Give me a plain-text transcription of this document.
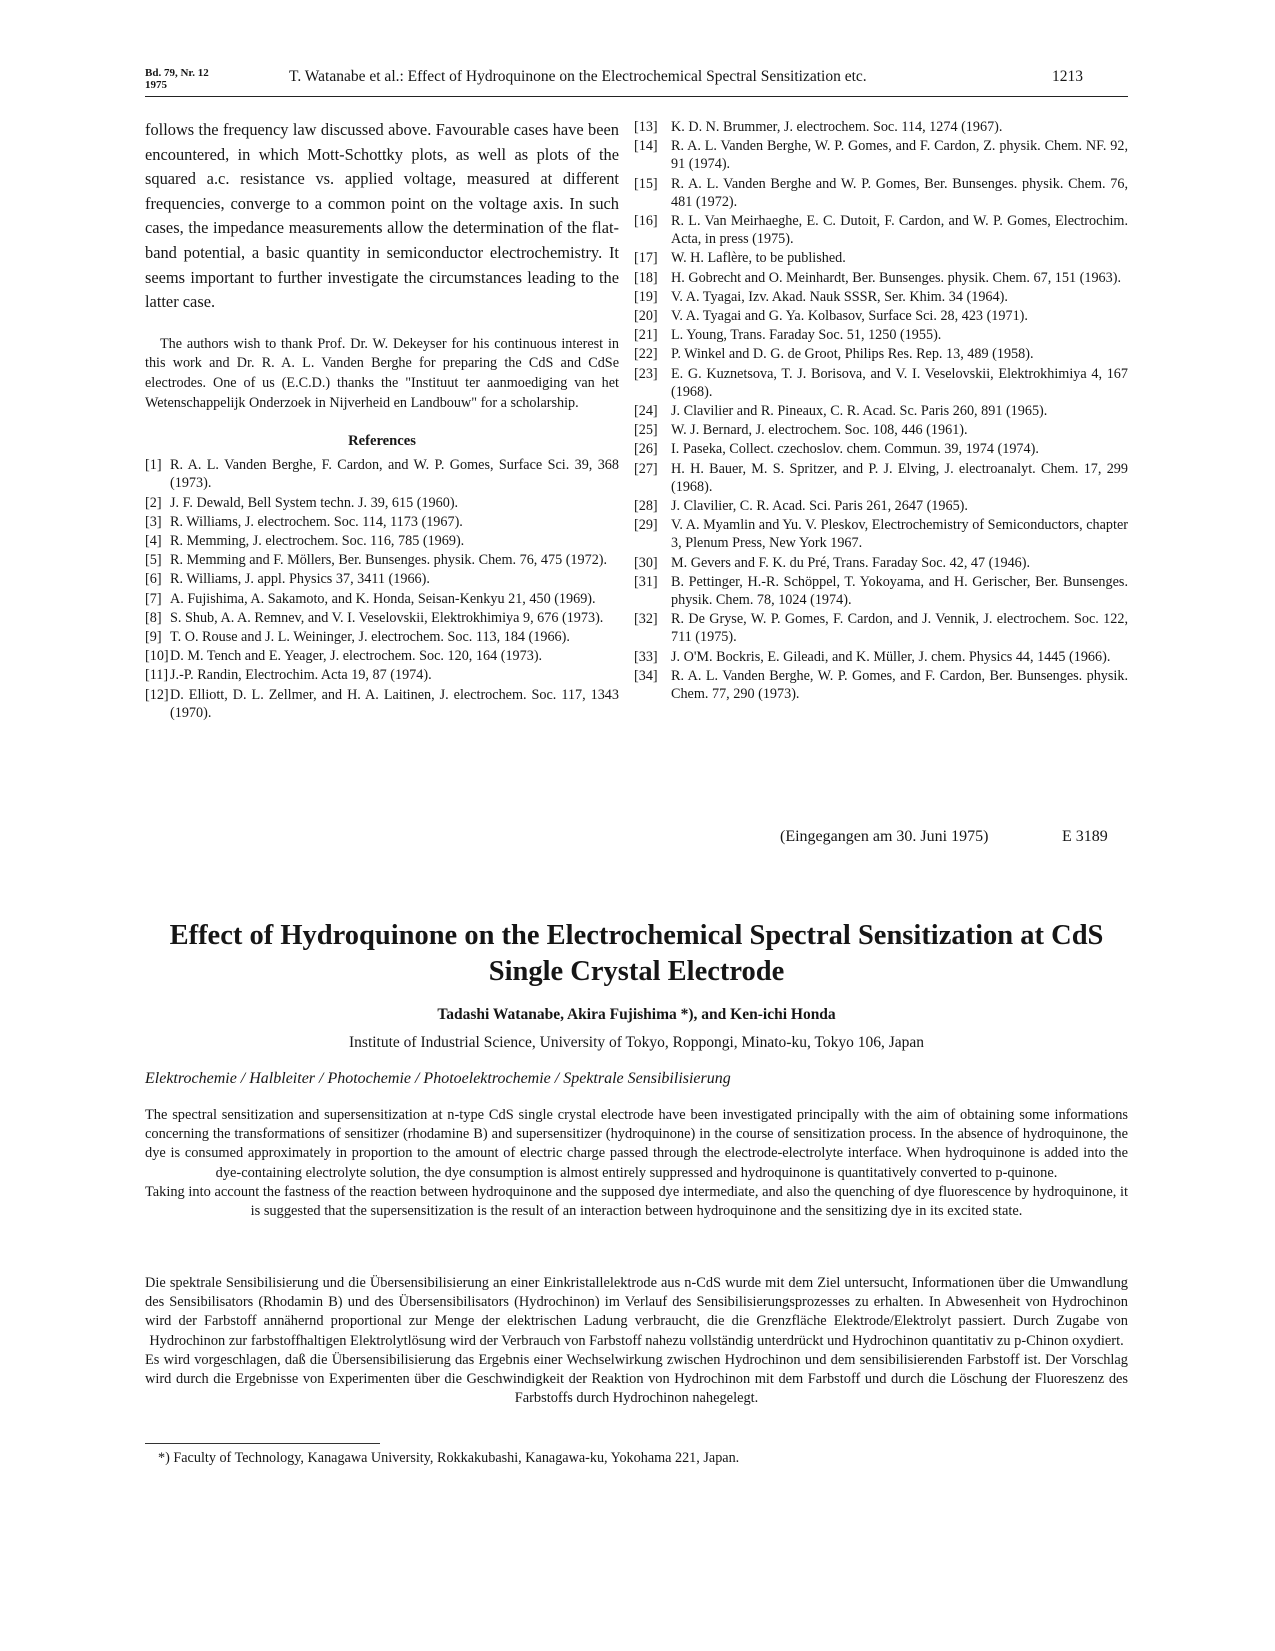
Bd. 79, Nr. 12
1975	T. Watanabe et al.: Effect of Hydroquinone on the Electrochemical Spectral Sensitization etc.	1213

follows the frequency law discussed above. Favourable cases have been encountered, in which Mott-Schottky plots, as well as plots of the squared a.c. resistance vs. applied voltage, measured at different frequencies, converge to a common point on the voltage axis. In such cases, the impedance measurements allow the determination of the flat-band potential, a basic quantity in semiconductor electrochemistry. It seems important to further investigate the circumstances leading to the latter case.

The authors wish to thank Prof. Dr. W. Dekeyser for his continuous interest in this work and Dr. R. A. L. Vanden Berghe for preparing the CdS and CdSe electrodes. One of us (E.C.D.) thanks the "Instituut ter aanmoediging van het Wetenschappelijk Onderzoek in Nijverheid en Landbouw" for a scholarship.

References
[1] R. A. L. Vanden Berghe, F. Cardon, and W. P. Gomes, Surface Sci. 39, 368 (1973).
[2] J. F. Dewald, Bell System techn. J. 39, 615 (1960).
[3] R. Williams, J. electrochem. Soc. 114, 1173 (1967).
[4] R. Memming, J. electrochem. Soc. 116, 785 (1969).
[5] R. Memming and F. Möllers, Ber. Bunsenges. physik. Chem. 76, 475 (1972).
[6] R. Williams, J. appl. Physics 37, 3411 (1966).
[7] A. Fujishima, A. Sakamoto, and K. Honda, Seisan-Kenkyu 21, 450 (1969).
[8] S. Shub, A. A. Remnev, and V. I. Veselovskii, Elektrokhimiya 9, 676 (1973).
[9] T. O. Rouse and J. L. Weininger, J. electrochem. Soc. 113, 184 (1966).
[10]D. M. Tench and E. Yeager, J. electrochem. Soc. 120, 164 (1973).
[11] J.-P. Randin, Electrochim. Acta 19, 87 (1974).
[12]D. Elliott, D. L. Zellmer, and H. A. Laitinen, J. electrochem. Soc. 117, 1343 (1970).
[13] K. D. N. Brummer, J. electrochem. Soc. 114, 1274 (1967).
[14] R. A. L. Vanden Berghe, W. P. Gomes, and F. Cardon, Z. physik. Chem. NF. 92, 91 (1974).
[15] R. A. L. Vanden Berghe and W. P. Gomes, Ber. Bunsenges. physik. Chem. 76, 481 (1972).
[16] R. L. Van Meirhaeghe, E. C. Dutoit, F. Cardon, and W. P. Gomes, Electrochim. Acta, in press (1975).
[17] W. H. Laflère, to be published.
[18] H. Gobrecht and O. Meinhardt, Ber. Bunsenges. physik. Chem. 67, 151 (1963).
[19] V. A. Tyagai, Izv. Akad. Nauk SSSR, Ser. Khim. 34 (1964).
[20] V. A. Tyagai and G. Ya. Kolbasov, Surface Sci. 28, 423 (1971).
[21] L. Young, Trans. Faraday Soc. 51, 1250 (1955).
[22] P. Winkel and D. G. de Groot, Philips Res. Rep. 13, 489 (1958).
[23] E. G. Kuznetsova, T. J. Borisova, and V. I. Veselovskii, Elektrokhimiya 4, 167 (1968).
[24] J. Clavilier and R. Pineaux, C. R. Acad. Sc. Paris 260, 891 (1965).
[25] W. J. Bernard, J. electrochem. Soc. 108, 446 (1961).
[26] I. Paseka, Collect. czechoslov. chem. Commun. 39, 1974 (1974).
[27] H. H. Bauer, M. S. Spritzer, and P. J. Elving, J. electroanalyt. Chem. 17, 299 (1968).
[28] J. Clavilier, C. R. Acad. Sci. Paris 261, 2647 (1965).
[29] V. A. Myamlin and Yu. V. Pleskov, Electrochemistry of Semiconductors, chapter 3, Plenum Press, New York 1967.
[30] M. Gevers and F. K. du Pré, Trans. Faraday Soc. 42, 47 (1946).
[31] B. Pettinger, H.-R. Schöppel, T. Yokoyama, and H. Gerischer, Ber. Bunsenges. physik. Chem. 78, 1024 (1974).
[32] R. De Gryse, W. P. Gomes, F. Cardon, and J. Vennik, J. electrochem. Soc. 122, 711 (1975).
[33] J. O'M. Bockris, E. Gileadi, and K. Müller, J. chem. Physics 44, 1445 (1966).
[34] R. A. L. Vanden Berghe, W. P. Gomes, and F. Cardon, Ber. Bunsenges. physik. Chem. 77, 290 (1973).
(Eingegangen am 30. Juni 1975)	E 3189
Effect of Hydroquinone on the Electrochemical Spectral Sensitization at CdS Single Crystal Electrode
Tadashi Watanabe, Akira Fujishima *), and Ken-ichi Honda
Institute of Industrial Science, University of Tokyo, Roppongi, Minato-ku, Tokyo 106, Japan
Elektrochemie / Halbleiter / Photochemie / Photoelektrochemie / Spektrale Sensibilisierung

The spectral sensitization and supersensitization at n-type CdS single crystal electrode have been investigated principally with the aim of obtaining some informations concerning the transformations of sensitizer (rhodamine B) and supersensitizer (hydroquinone) in the course of sensitization process. In the absence of hydroquinone, the dye is consumed approximately in proportion to the amount of electric charge passed through the electrode-electrolyte interface. When hydroquinone is added into the dye-containing electrolyte solution, the dye consumption is almost entirely suppressed and hydroquinone is quantitatively converted to p-quinone.

Taking into account the fastness of the reaction between hydroquinone and the supposed dye intermediate, and also the quenching of dye fluorescence by hydroquinone, it is suggested that the supersensitization is the result of an interaction between hydroquinone and the sensitizing dye in its excited state.

Die spektrale Sensibilisierung und die Übersensibilisierung an einer Einkristallelektrode aus n-CdS wurde mit dem Ziel untersucht, Informationen über die Umwandlung des Sensibilisators (Rhodamin B) und des Übersensibilisators (Hydrochinon) im Verlauf des Sensibilisierungsprozesses zu erhalten. In Abwesenheit von Hydrochinon wird der Farbstoff annähernd proportional zur Menge der elektrischen Ladung verbraucht, die die Grenzfläche Elektrode/Elektrolyt passiert. Durch Zugabe von Hydrochinon zur farbstoffhaltigen Elektrolytlösung wird der Verbrauch von Farbstoff nahezu vollständig unterdrückt und Hydrochinon quantitativ zu p-Chinon oxydiert.

Es wird vorgeschlagen, daß die Übersensibilisierung das Ergebnis einer Wechselwirkung zwischen Hydrochinon und dem sensibilisierenden Farbstoff ist. Der Vorschlag wird durch die Ergebnisse von Experimenten über die Geschwindigkeit der Reaktion von Hydrochinon mit dem Farbstoff und durch die Löschung der Fluoreszenz des Farbstoffs durch Hydrochinon nahegelegt.

*) Faculty of Technology, Kanagawa University, Rokkakubashi, Kanagawa-ku, Yokohama 221, Japan.
